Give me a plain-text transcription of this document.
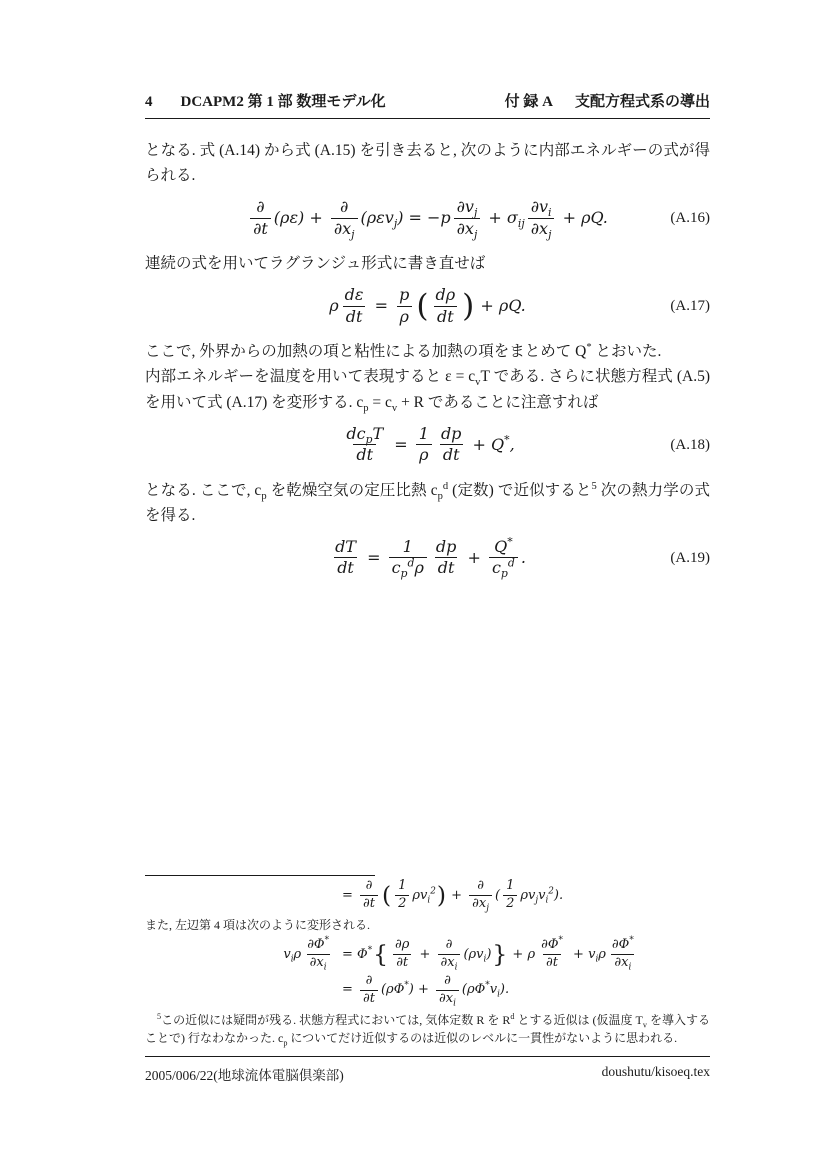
4 DCAPM2 第 1 部 数理モデル化	付 録 A 支配方程式系の導出

となる. 式 (A.14) から式 (A.15) を引き去ると, 次のように内部エネルギーの式が得られる.

$\frac{\partial}{\partial t} (\rho\varepsilon) + \frac{\partial}{\partial x_j} (\rho\varepsilon v_j) = -p \frac{\partial v_j}{\partial x_j} + \sigma_{ij} \frac{\partial v_i}{\partial x_j} + \rho Q$.	(A.16)

連続の式を用いてラグランジュ形式に書き直せば

ρ $\frac{d\varepsilon}{dt} = \frac{p}{\rho}$ ( $\frac{d\rho}{dt}$ ) + ρQ.	(A.17)

ここで, 外界からの加熱の項と粘性による加熱の項をまとめて Q* とおいた.

内部エネルギーを温度を用いて表現すると $\varepsilon = c_vT$ である. さらに状態方程式 (A.5) を用いて式 (A.17) を変形する. $c_p = c_v + R$ であることに注意すれば

$\frac{dc_pT}{dt} = \frac{1}{\rho} \frac{dp}{dt} + Q^*$,	(A.18)

となる. ここで, $c_p$ を乾燥空気の定圧比熱 $c_p^d$ (定数) で近似すると$^5$ 次の熱力学の式を得る.

$\frac{dT}{dt} = \frac{1}{c_p^d\rho} \frac{dp}{dt} + \frac{Q^*}{c_p^d}$ .	(A.19)
= $\frac{\partial}{\partial t}$ ( $\frac{1}{2} \rho v_i^2$ ) + $\frac{\partial}{\partial x_j}$ ( $\frac{1}{2} \rho v_jv_i^2$).

また, 左辺第 4 項は次のように変形される.

$v_i\rho \frac{\partial\Phi^*}{\partial x_i} = \Phi^*$ { $\frac{\partial\rho}{\partial t} + \frac{\partial}{\partial x_i} (\rho v_i)$ } + ρ $\frac{\partial\Phi^*}{\partial t} + v_i\rho \frac{\partial\Phi^*}{\partial x_i}$
= $\frac{\partial}{\partial t} (\rho\Phi^*) + \frac{\partial}{\partial x_i} (\rho\Phi^*v_i)$.

$^5$この近似には疑問が残る. 状態方程式においては, 気体定数 R を $R^d$ とする近似は (仮温度 $T_v$ を導入することで) 行なわなかった. $c_p$ についてだけ近似するのは近似のレベルに一貫性がないように思われる.

2005/006/22(地球流体電脳倶楽部)	doushutu/kisoeq.tex
